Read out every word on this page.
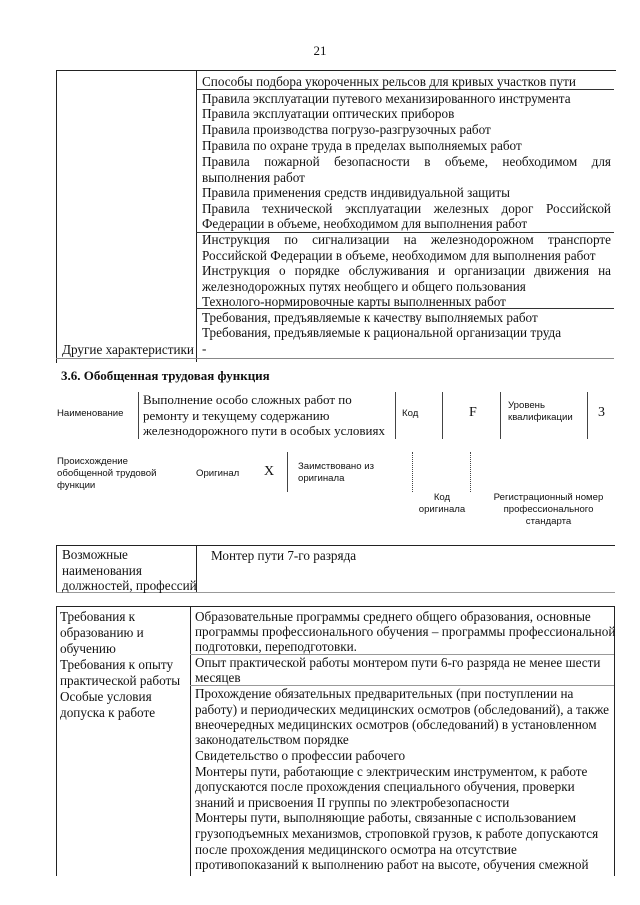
21
Способы подбора укороченных рельсов для кривых участков пути
Правила эксплуатации путевого механизированного инструмента
Правила эксплуатации оптических приборов
Правила производства погрузо-разгрузочных работ
Правила по охране труда в пределах выполняемых работ
Правила пожарной безопасности в объеме, необходимом для
выполнения работ
Правила применения средств индивидуальной защиты
Правила технической эксплуатации железных дорог Российской
Федерации в объеме, необходимом для выполнения работ
Инструкция по сигнализации на железнодорожном транспорте
Российской Федерации в объеме, необходимом для выполнения работ
Инструкция о порядке обслуживания и организации движения на
железнодорожных путях необщего и общего пользования
Технолого-нормировочные карты выполненных работ
Требования, предъявляемые к качеству выполняемых работ
Требования, предъявляемые к рациональной организации труда
-
Другие характеристики
3.6. Обобщенная трудовая функция
Наименование
Выполнение особо сложных работ по
ремонту и текущему содержанию
железнодорожного пути в особых условиях
Код	F	Уровень
квалификации 3
Происхождение
обобщенной трудовой
функции
Оригинал X Заимствовано из
оригинала
Код
оригинала
Регистрационный номер
профессионального
стандарта
Возможные
наименования
должностей, профессий
Монтер пути 7-го разряда
Требования к
образованию и
обучению
Требования к опыту
практической работы
Особые условия
допуска к работе
Образовательные программы среднего общего образования, основные
программы профессионального обучения – программы профессиональной
подготовки, переподготовки.
Опыт практической работы монтером пути 6-го разряда не менее шести
месяцев
Прохождение обязательных предварительных (при поступлении на
работу) и периодических медицинских осмотров (обследований), а также
внеочередных медицинских осмотров (обследований) в установленном
законодательством порядке
Свидетельство о профессии рабочего
Монтеры пути, работающие с электрическим инструментом, к работе
допускаются после прохождения специального обучения, проверки
знаний и присвоения II группы по электробезопасности
Монтеры пути, выполняющие работы, связанные с использованием
грузоподъемных механизмов, строповкой грузов, к работе допускаются
после прохождения медицинского осмотра на отсутствие
противопоказаний к выполнению работ на высоте, обучения смежной
